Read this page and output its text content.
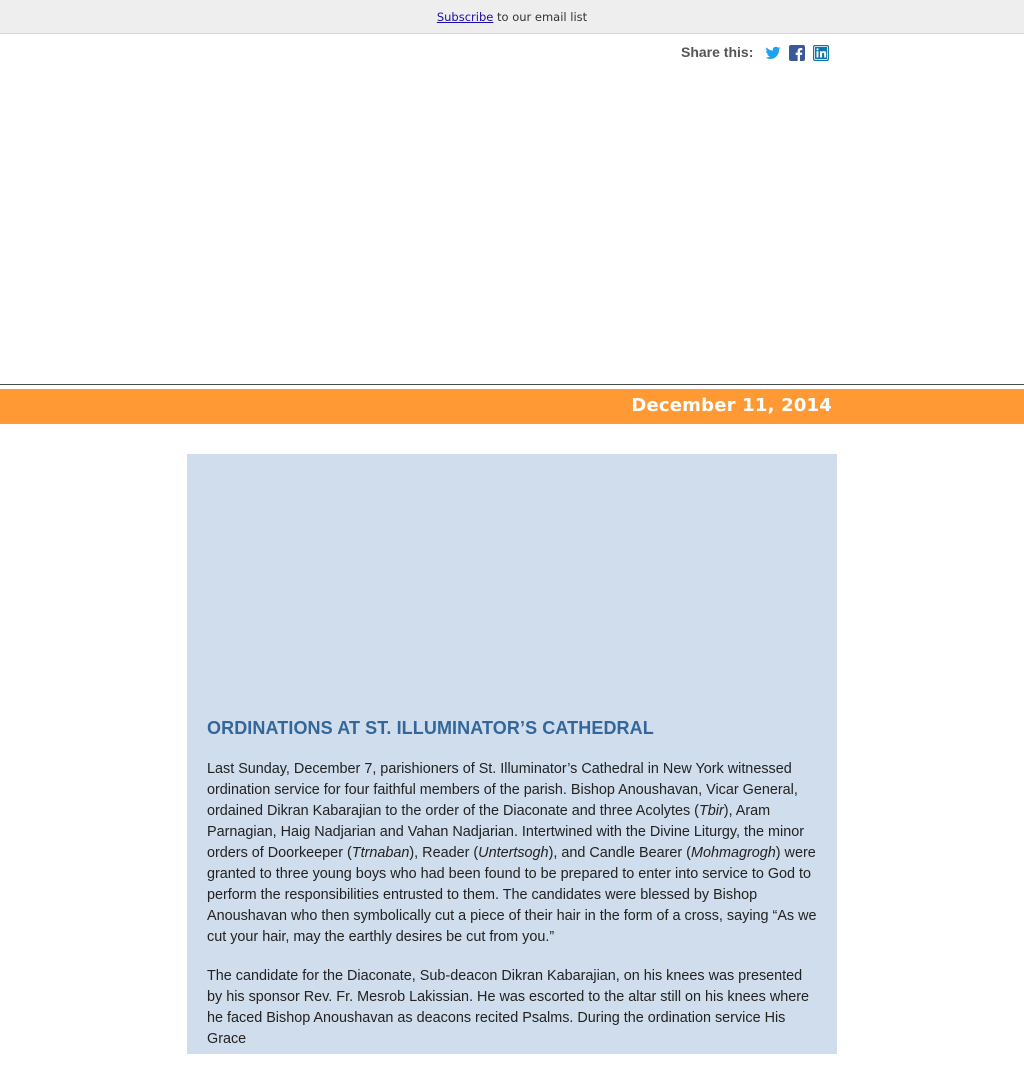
Subscribe to our email list
Share this:
December 11, 2014
ORDINATIONS AT ST. ILLUMINATOR’S CATHEDRAL

Last Sunday, December 7, parishioners of St. Illuminator’s Cathedral in New York witnessed ordination service for four faithful members of the parish. Bishop Anoushavan, Vicar General, ordained Dikran Kabarajian to the order of the Diaconate and three Acolytes (Tbir), Aram Parnagian, Haig Nadjarian and Vahan Nadjarian. Intertwined with the Divine Liturgy, the minor orders of Doorkeeper (Ttrnaban), Reader (Untertsogh), and Candle Bearer (Mohmagrogh) were granted to three young boys who had been found to be prepared to enter into service to God to perform the responsibilities entrusted to them. The candidates were blessed by Bishop Anoushavan who then symbolically cut a piece of their hair in the form of a cross, saying “As we cut your hair, may the earthly desires be cut from you.”

The candidate for the Diaconate, Sub-deacon Dikran Kabarajian, on his knees was presented by his sponsor Rev. Fr. Mesrob Lakissian. He was escorted to the altar still on his knees where he faced Bishop Anoushavan as deacons recited Psalms. During the ordination service His Grace
